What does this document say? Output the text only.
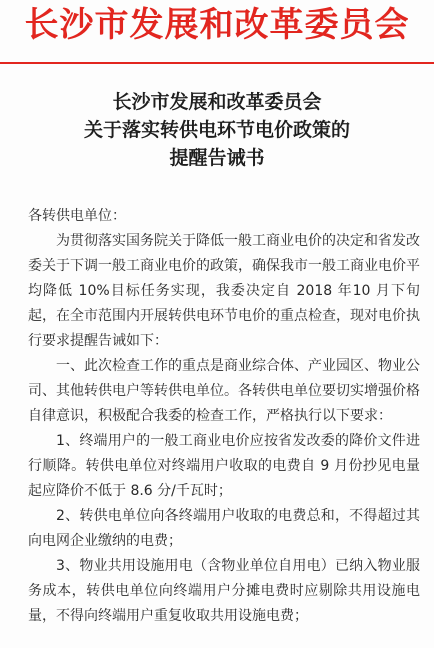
长沙市发展和改革委员会
长沙市发展和改革委员会
关于落实转供电环节电价政策的
提醒告诫书

各转供电单位：

为贯彻落实国务院关于降低一般工商业电价的决定和省发改委关于下调一般工商业电价的政策，确保我市一般工商业电价平均降低 10%目标任务实现，我委决定自 2018 年10 月下旬起，在全市范围内开展转供电环节电价的重点检查，现对电价执行要求提醒告诫如下：

一、此次检查工作的重点是商业综合体、产业园区、物业公司、其他转供电户等转供电单位。各转供电单位要切实增强价格自律意识，积极配合我委的检查工作，严格执行以下要求：

1、终端用户的一般工商业电价应按省发改委的降价文件进行顺降。转供电单位对终端用户收取的电费自 9 月份抄见电量起应降价不低于 8.6 分/千瓦时；

2、转供电单位向各终端用户收取的电费总和，不得超过其向电网企业缴纳的电费；

3、物业共用设施用电（含物业单位自用电）已纳入物业服务成本，转供电单位向终端用户分摊电费时应剔除共用设施电量，不得向终端用户重复收取共用设施电费；
